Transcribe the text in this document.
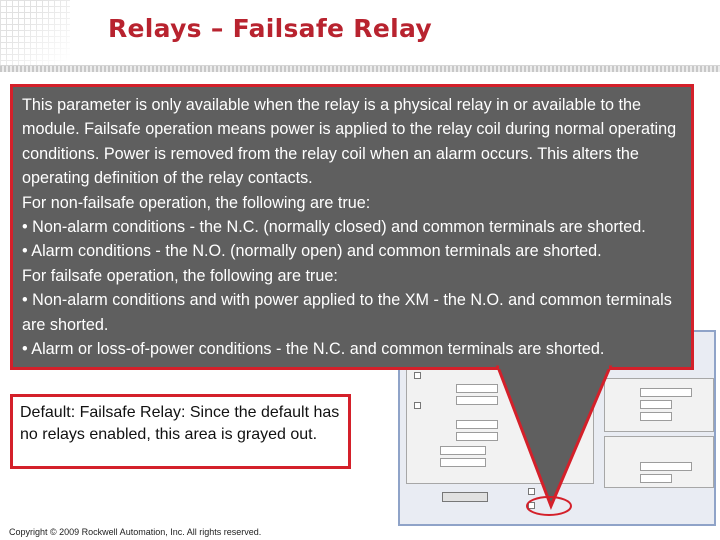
Relays – Failsafe Relay

This parameter is only available when the relay is a physical relay in or available to the module. Failsafe operation means power is applied to the relay coil during normal operating conditions. Power is removed from the relay coil when an alarm occurs. This alters the operating definition of the relay contacts.

For non-failsafe operation, the following are true:

• Non-alarm conditions - the N.C. (normally closed) and common terminals are shorted.

• Alarm conditions - the N.O. (normally open) and common terminals are shorted.

For failsafe operation, the following are true:

• Non-alarm conditions and with power applied to the XM - the N.O. and common terminals are shorted.

• Alarm or loss-of-power conditions - the N.C. and common terminals are shorted.

Default: Failsafe Relay: Since the default has no relays enabled, this area is grayed out.
Copyright © 2009 Rockwell Automation, Inc. All rights reserved.
